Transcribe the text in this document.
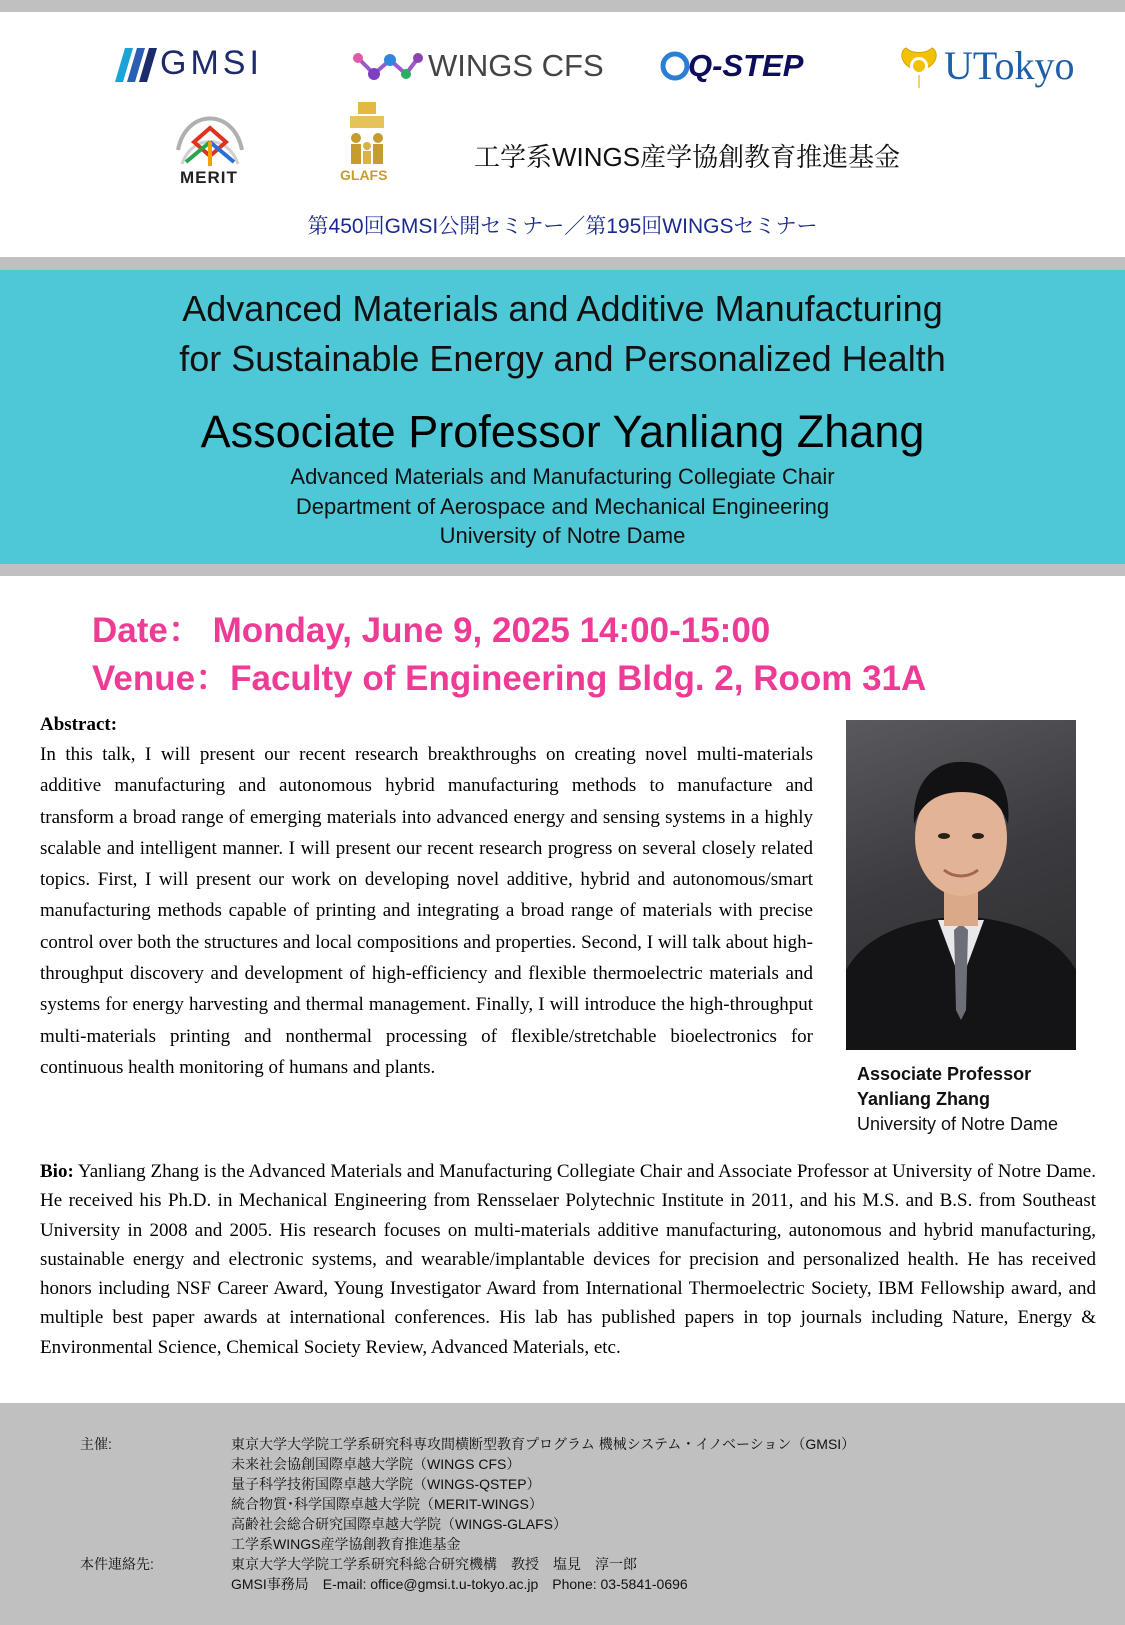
GMSI	WINGS CFS	Q-STEP	UTokyo
MERIT	GLAFS
工学系WINGS産学協創教育推進基金
第450回GMSI公開セミナー／第195回WINGSセミナー
Advanced Materials and Additive Manufacturing
for Sustainable Energy and Personalized Health
Associate Professor Yanliang Zhang
Advanced Materials and Manufacturing Collegiate Chair
Department of Aerospace and Mechanical Engineering
University of Notre Dame
Date： Monday, June 9, 2025 14:00-15:00
Venue：Faculty of Engineering Bldg. 2, Room 31A
Abstract:
In this talk, I will present our recent research breakthroughs on creating novel multi-materials additive manufacturing and autonomous hybrid manufacturing methods to manufacture and transform a broad range of emerging materials into advanced energy and sensing systems in a highly scalable and intelligent manner. I will present our recent research progress on several closely related topics. First, I will present our work on developing novel additive, hybrid and autonomous/smart manufacturing methods capable of printing and integrating a broad range of materials with precise control over both the structures and local compositions and properties. Second, I will talk about high-throughput discovery and development of high-efficiency and flexible thermoelectric materials and systems for energy harvesting and thermal management. Finally, I will introduce the high-throughput multi-materials printing and nonthermal processing of flexible/stretchable bioelectronics for continuous health monitoring of humans and plants.	Associate Professor
Yanliang Zhang
University of Notre Dame
Bio: Yanliang Zhang is the Advanced Materials and Manufacturing Collegiate Chair and Associate Professor at University of Notre Dame. He received his Ph.D. in Mechanical Engineering from Rensselaer Polytechnic Institute in 2011, and his M.S. and B.S. from Southeast University in 2008 and 2005. His research focuses on multi-materials additive manufacturing, autonomous and hybrid manufacturing, sustainable energy and electronic systems, and wearable/implantable devices for precision and personalized health. He has received honors including NSF Career Award, Young Investigator Award from International Thermoelectric Society, IBM Fellowship award, and multiple best paper awards at international conferences. His lab has published papers in top journals including Nature, Energy & Environmental Science, Chemical Society Review, Advanced Materials, etc.
主催:	東京大学大学院工学系研究科専攻間横断型教育プログラム 機械システム・イノベーション（GMSI）
未来社会協創国際卓越大学院（WINGS CFS）
量子科学技術国際卓越大学院（WINGS-QSTEP）
統合物質･科学国際卓越大学院（MERIT-WINGS）
高齢社会総合研究国際卓越大学院（WINGS-GLAFS）
工学系WINGS産学協創教育推進基金
本件連絡先:	東京大学大学院工学系研究科総合研究機構　教授　塩見　淳一郎
GMSI事務局　E-mail: office@gmsi.t.u-tokyo.ac.jp　Phone: 03-5841-0696
